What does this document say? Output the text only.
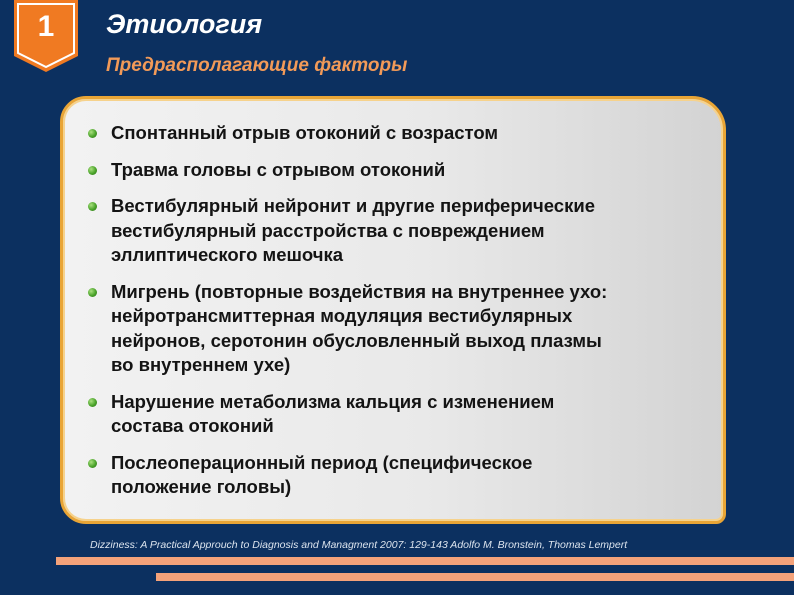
1	Этиология
Предрасполагающие факторы
Спонтанный отрыв отоконий с возрастом
Травма головы с отрывом отоконий
Вестибулярный нейронит и другие периферические
вестибулярный расстройства с повреждением
эллиптического мешочка
Мигрень (повторные воздействия на внутреннее ухо:
нейротрансмиттерная модуляция вестибулярных
нейронов, серотонин обусловленный выход плазмы
во внутреннем ухе)
Нарушение метаболизма кальция с изменением
состава отоконий
Послеоперационный период (специфическое
положение головы)
Dizziness: A Practical Approuch to Diagnosis and Managment 2007: 129-143 Adolfo M. Bronstein, Thomas Lempert
